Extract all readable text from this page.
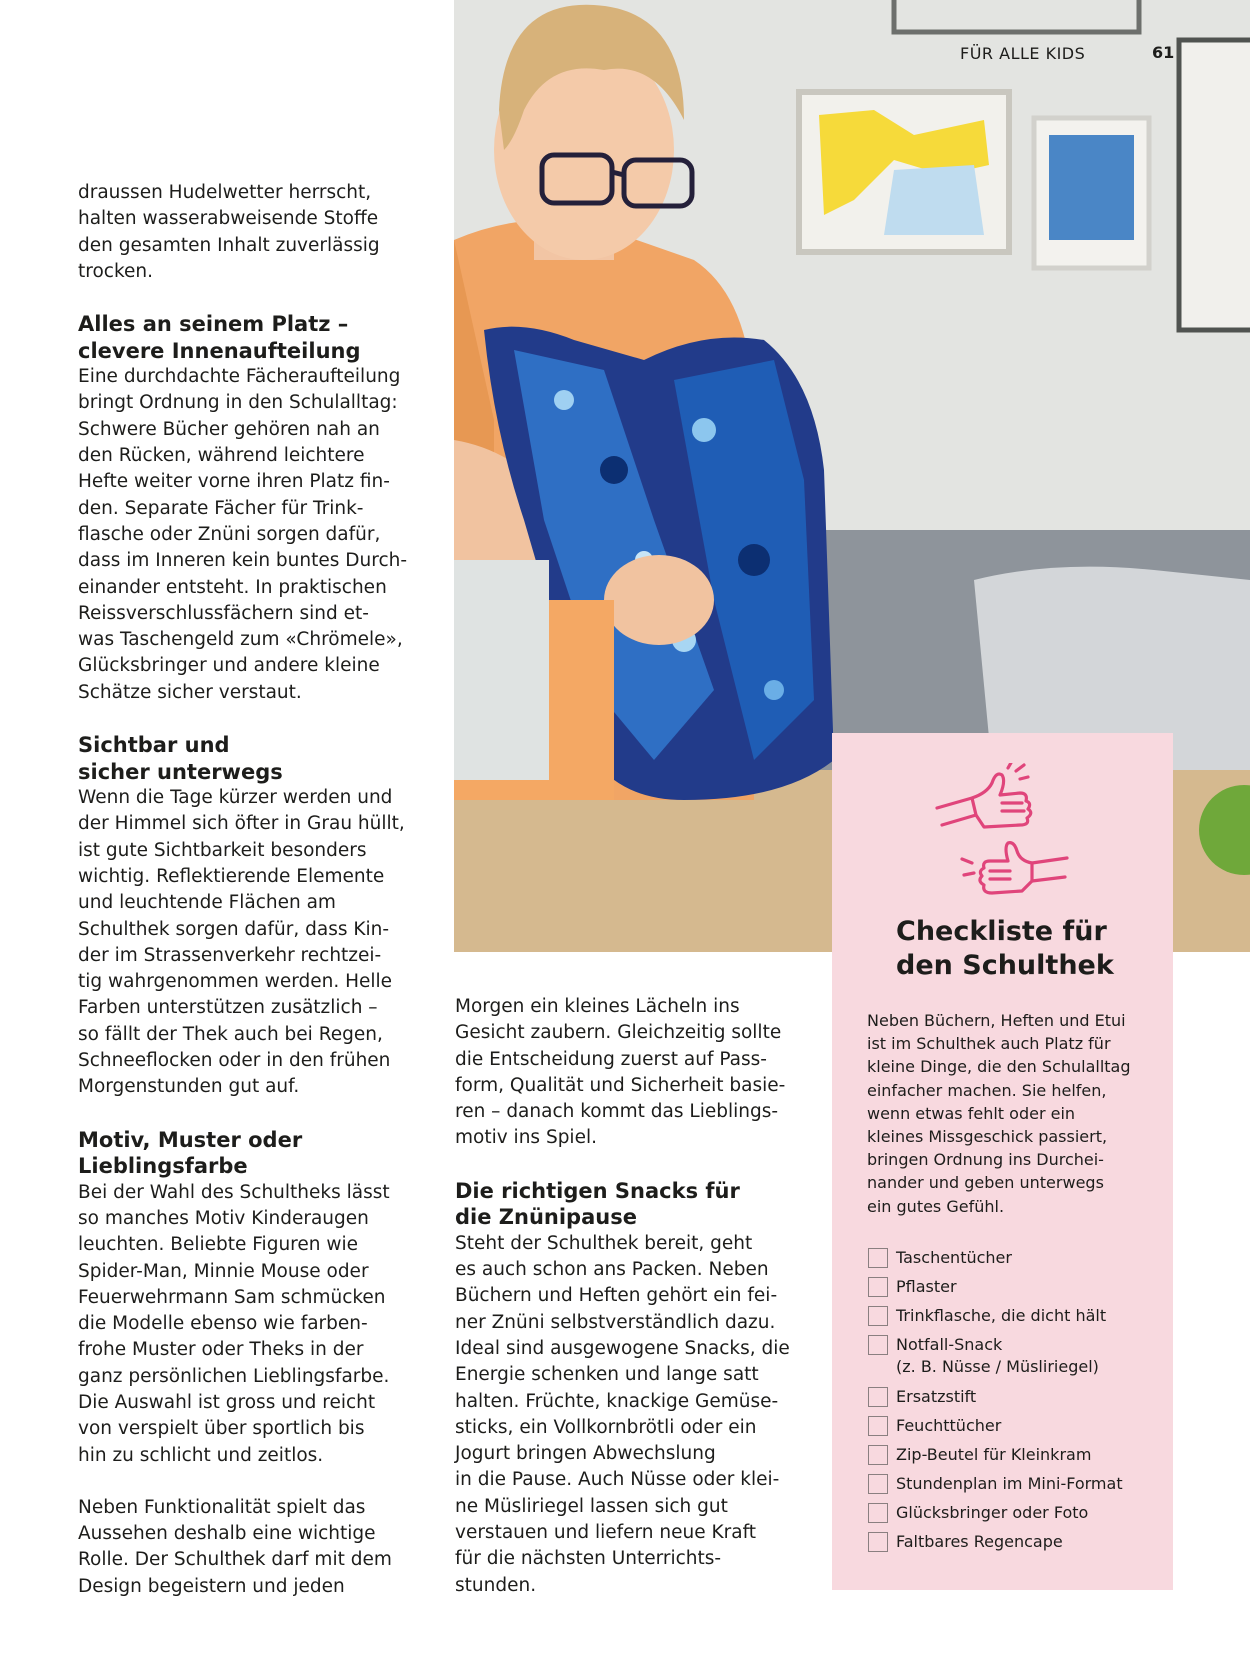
FÜR ALLE KIDS	61

draussen Hudelwetter herrscht,
halten wasserabweisende Stoffe
den gesamten Inhalt zuverlässig
trocken.

Alles an seinem Platz –
clevere Innenaufteilung

Eine durchdachte Fächeraufteilung
bringt Ordnung in den Schulalltag:
Schwere Bücher gehören nah an
den Rücken, während leichtere
Hefte weiter vorne ihren Platz fin-
den. Separate Fächer für Trink-
flasche oder Znüni sorgen dafür,
dass im Inneren kein buntes Durch-
einander entsteht. In praktischen
Reissverschlussfächern sind et-
was Taschengeld zum «Chrömele»,
Glücksbringer und andere kleine
Schätze sicher verstaut.

Sichtbar und
sicher unterwegs

Wenn die Tage kürzer werden und
der Himmel sich öfter in Grau hüllt,
ist gute Sichtbarkeit besonders
wichtig. Reflektierende Elemente
und leuchtende Flächen am
Schulthek sorgen dafür, dass Kin-
der im Strassenverkehr rechtzei-
tig wahrgenommen werden. Helle
Farben unterstützen zusätzlich –
so fällt der Thek auch bei Regen,
Schneeflocken oder in den frühen
Morgenstunden gut auf.

Motiv, Muster oder
Lieblingsfarbe

Bei der Wahl des Schultheks lässt
so manches Motiv Kinderaugen
leuchten. Beliebte Figuren wie
Spider-Man, Minnie Mouse oder
Feuerwehrmann Sam schmücken
die Modelle ebenso wie farben-
frohe Muster oder Theks in der
ganz persönlichen Lieblingsfarbe.
Die Auswahl ist gross und reicht
von verspielt über sportlich bis
hin zu schlicht und zeitlos.

Neben Funktionalität spielt das
Aussehen deshalb eine wichtige
Rolle. Der Schulthek darf mit dem
Design begeistern und jeden

Morgen ein kleines Lächeln ins
Gesicht zaubern. Gleichzeitig sollte
die Entscheidung zuerst auf Pass-
form, Qualität und Sicherheit basie-
ren – danach kommt das Lieblings-
motiv ins Spiel.

Die richtigen Snacks für
die Znünipause

Steht der Schulthek bereit, geht
es auch schon ans Packen. Neben
Büchern und Heften gehört ein fei-
ner Znüni selbstverständlich dazu.
Ideal sind ausgewogene Snacks, die
Energie schenken und lange satt
halten. Früchte, knackige Gemüse-
sticks, ein Vollkornbrötli oder ein
Jogurt bringen Abwechslung
in die Pause. Auch Nüsse oder klei-
ne Müsliriegel lassen sich gut
verstauen und liefern neue Kraft
für die nächsten Unterrichts-
stunden.

Checkliste für
den Schulthek
Neben Büchern, Heften und Etui
ist im Schulthek auch Platz für
kleine Dinge, die den Schulalltag
einfacher machen. Sie helfen,
wenn etwas fehlt oder ein
kleines Missgeschick passiert,
bringen Ordnung ins Durchei-
nander und geben unterwegs
ein gutes Gefühl.
Taschentücher
Pflaster
Trinkflasche, die dicht hält
Notfall-Snack
(z. B. Nüsse / Müsliriegel)
Ersatzstift
Feuchttücher
Zip-Beutel für Kleinkram
Stundenplan im Mini-Format
Glücksbringer oder Foto
Faltbares Regencape
